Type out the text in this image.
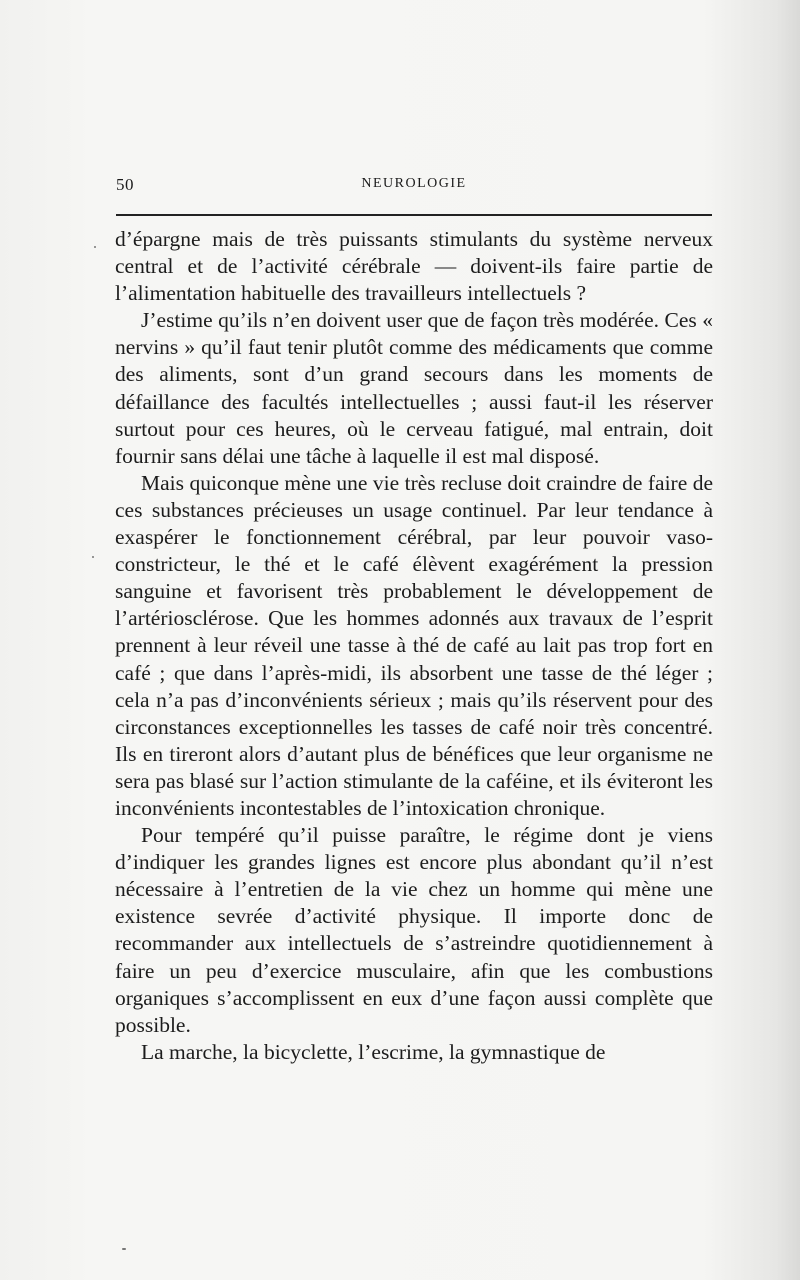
50	NEUROLOGIE

d’épargne mais de très puissants stimulants du système nerveux central et de l’activité cérébrale — doivent-ils faire partie de l’alimentation habituelle des travailleurs intellectuels ?

J’estime qu’ils n’en doivent user que de façon très modérée. Ces « nervins » qu’il faut tenir plutôt comme des médicaments que comme des aliments, sont d’un grand secours dans les moments de défaillance des facultés intellectuelles ; aussi faut-il les réserver surtout pour ces heures, où le cerveau fatigué, mal entrain, doit fournir sans délai une tâche à laquelle il est mal disposé.

Mais quiconque mène une vie très recluse doit craindre de faire de ces substances précieuses un usage continuel. Par leur tendance à exaspérer le fonctionnement cérébral, par leur pouvoir vaso-constricteur, le thé et le café élèvent exagérément la pression sanguine et favorisent très probablement le développement de l’artériosclérose. Que les hommes adonnés aux travaux de l’esprit prennent à leur réveil une tasse à thé de café au lait pas trop fort en café ; que dans l’après-midi, ils absorbent une tasse de thé léger ; cela n’a pas d’inconvénients sérieux ; mais qu’ils réservent pour des circonstances exceptionnelles les tasses de café noir très concentré. Ils en tireront alors d’autant plus de bénéfices que leur organisme ne sera pas blasé sur l’action stimulante de la caféine, et ils éviteront les inconvénients incontestables de l’intoxication chronique.

Pour tempéré qu’il puisse paraître, le régime dont je viens d’indiquer les grandes lignes est encore plus abondant qu’il n’est nécessaire à l’entretien de la vie chez un homme qui mène une existence sevrée d’activité physique. Il importe donc de recommander aux intellectuels de s’astreindre quotidiennement à faire un peu d’exercice musculaire, afin que les combustions organiques s’accomplissent en eux d’une façon aussi complète que possible.

La marche, la bicyclette, l’escrime, la gymnastique de
